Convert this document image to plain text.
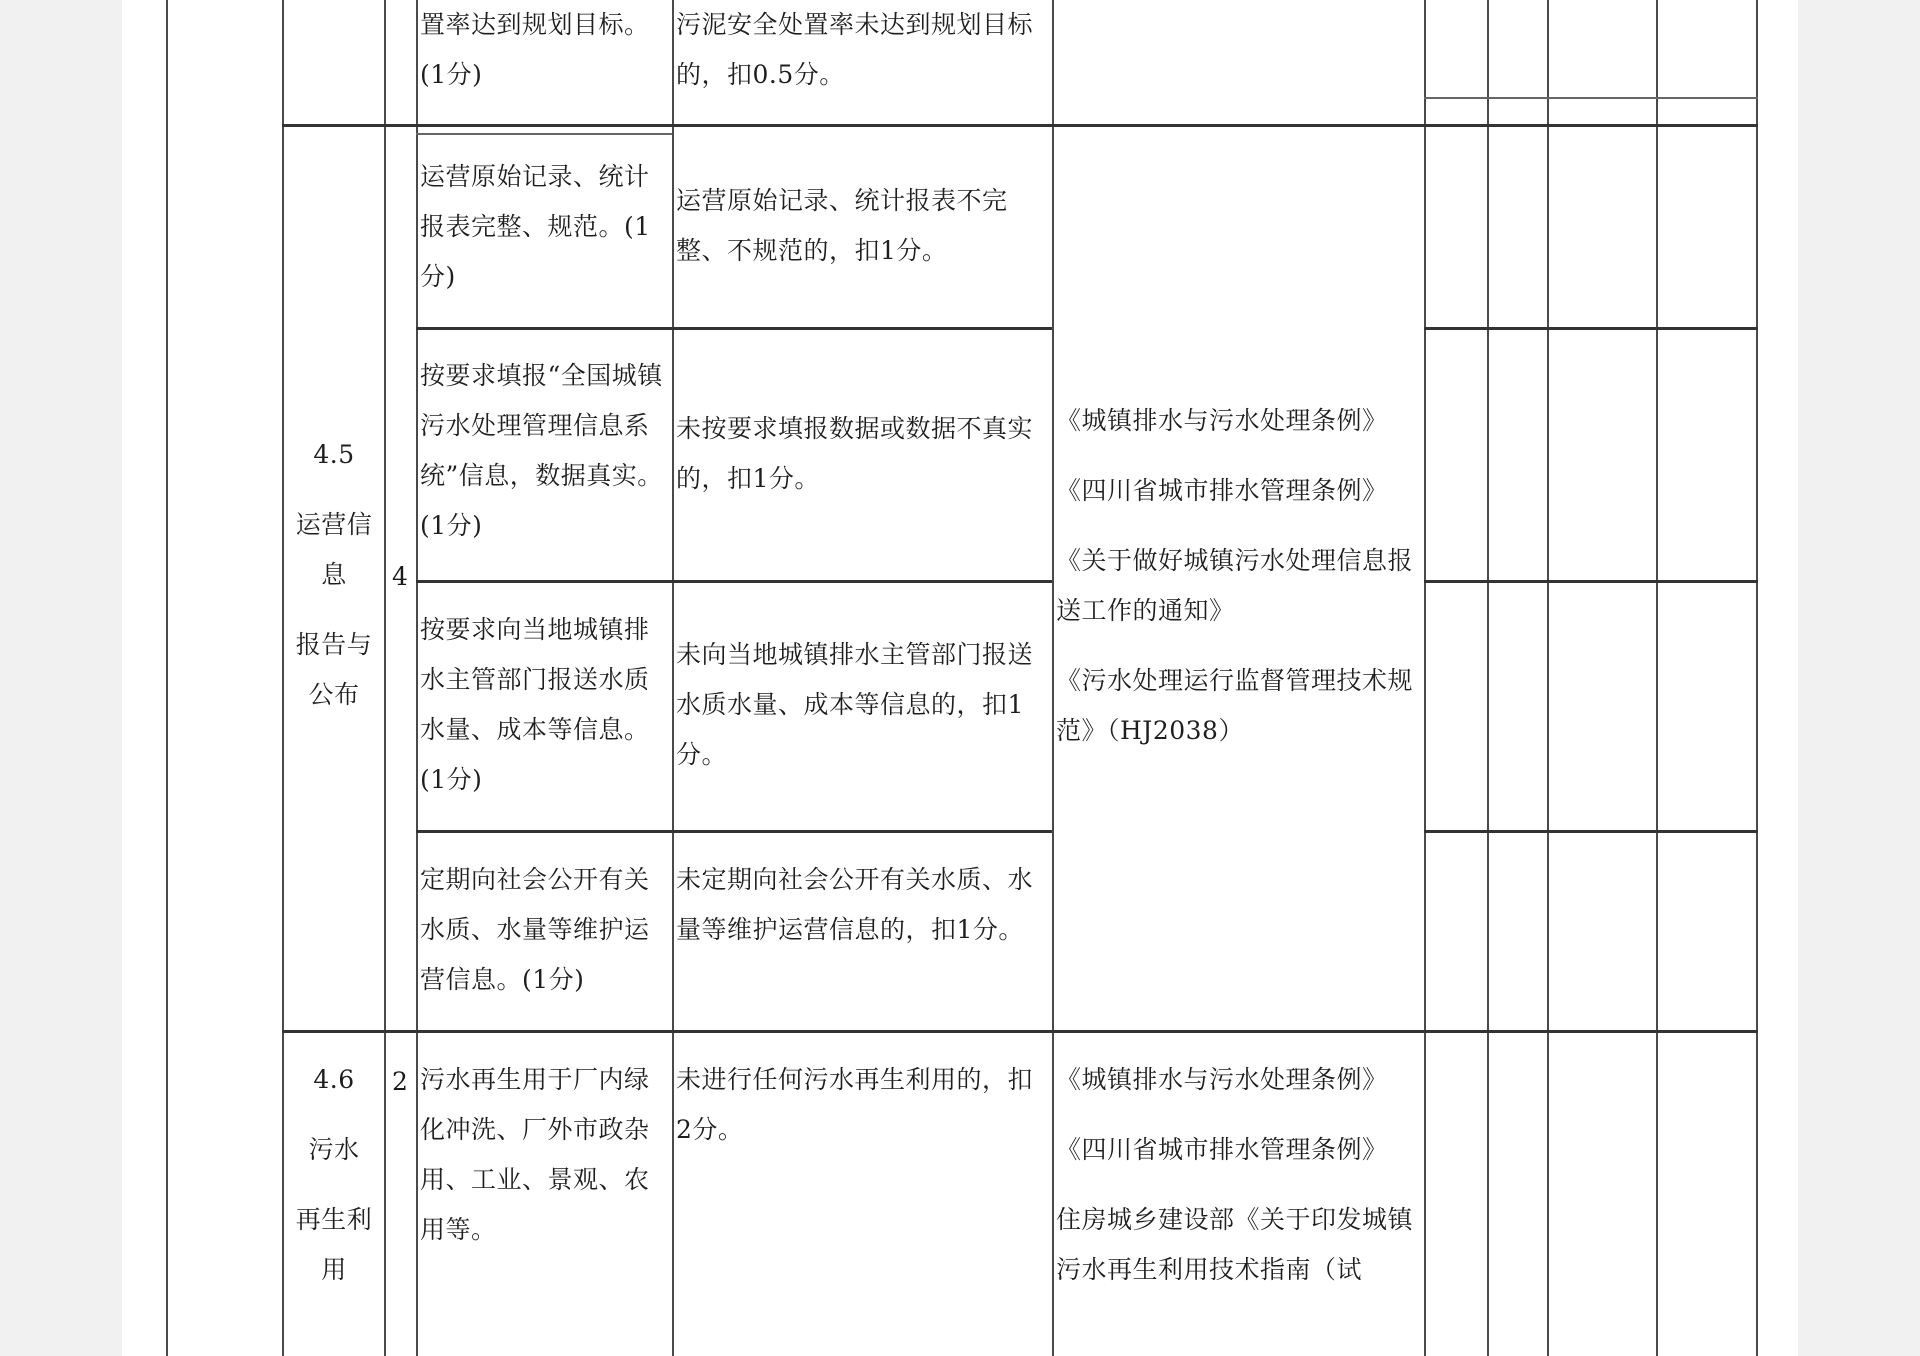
置率达到规划目标。(1分)
污泥安全处置率未达到规划目标的，扣0.5分。
4.5
运营信息
报告与公布
4
运营原始记录、统计报表完整、规范。(1分)
运营原始记录、统计报表不完整、不规范的，扣1分。
按要求填报“全国城镇污水处理管理信息系统”信息，数据真实。(1分)
未按要求填报数据或数据不真实的，扣1分。
按要求向当地城镇排水主管部门报送水质水量、成本等信息。(1分)
未向当地城镇排水主管部门报送水质水量、成本等信息的，扣1分。
定期向社会公开有关水质、水量等维护运营信息。(1分)
未定期向社会公开有关水质、水量等维护运营信息的，扣1分。
《城镇排水与污水处理条例》
《四川省城市排水管理条例》
《关于做好城镇污水处理信息报送工作的通知》
《污水处理运行监督管理技术规范》（HJ2038）
4.6
污水
再生利用
2 污水再生用于厂内绿化冲洗、厂外市政杂用、工业、景观、农用等。
未进行任何污水再生利用的，扣2分。
《城镇排水与污水处理条例》
《四川省城市排水管理条例》
住房城乡建设部《关于印发城镇污水再生利用技术指南（试
